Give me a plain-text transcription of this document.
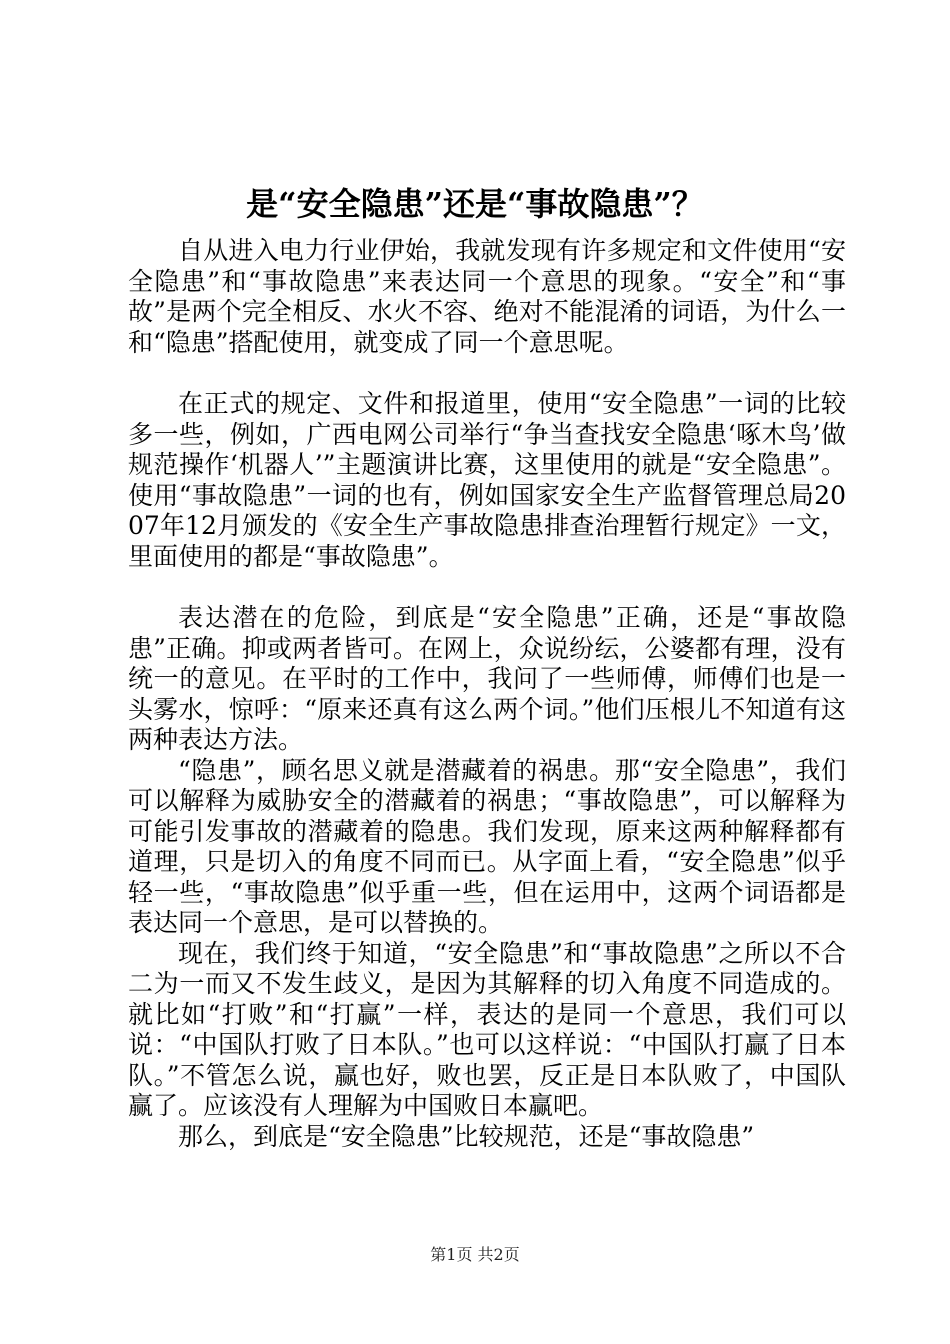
是“安全隐患”还是“事故隐患”？

自从进入电力行业伊始，我就发现有许多规定和文件使用“安全隐患”和“事故隐患”来表达同一个意思的现象。“安全”和“事故”是两个完全相反、水火不容、绝对不能混淆的词语，为什么一和“隐患”搭配使用，就变成了同一个意思呢。

在正式的规定、文件和报道里，使用“安全隐患”一词的比较多一些，例如，广西电网公司举行“争当查找安全隐患‘啄木鸟’做规范操作‘机器人’”主题演讲比赛，这里使用的就是“安全隐患”。使用“事故隐患”一词的也有，例如国家安全生产监督管理总局2007年12月颁发的《安全生产事故隐患排查治理暂行规定》一文，里面使用的都是“事故隐患”。

表达潜在的危险，到底是“安全隐患”正确，还是“事故隐患”正确。抑或两者皆可。在网上，众说纷纭，公婆都有理，没有统一的意见。在平时的工作中，我问了一些师傅，师傅们也是一头雾水，惊呼：“原来还真有这么两个词。”他们压根儿不知道有这两种表达方法。

“隐患”，顾名思义就是潜藏着的祸患。那“安全隐患”，我们可以解释为威胁安全的潜藏着的祸患；“事故隐患”，可以解释为可能引发事故的潜藏着的隐患。我们发现，原来这两种解释都有道理，只是切入的角度不同而已。从字面上看，“安全隐患”似乎轻一些，“事故隐患”似乎重一些，但在运用中，这两个词语都是表达同一个意思，是可以替换的。

现在，我们终于知道，“安全隐患”和“事故隐患”之所以不合二为一而又不发生歧义，是因为其解释的切入角度不同造成的。就比如“打败”和“打赢”一样，表达的是同一个意思，我们可以说：“中国队打败了日本队。”也可以这样说：“中国队打赢了日本队。”不管怎么说，赢也好，败也罢，反正是日本队败了，中国队赢了。应该没有人理解为中国败日本赢吧。

那么，到底是“安全隐患”比较规范，还是“事故隐患”

第1页 共2页
